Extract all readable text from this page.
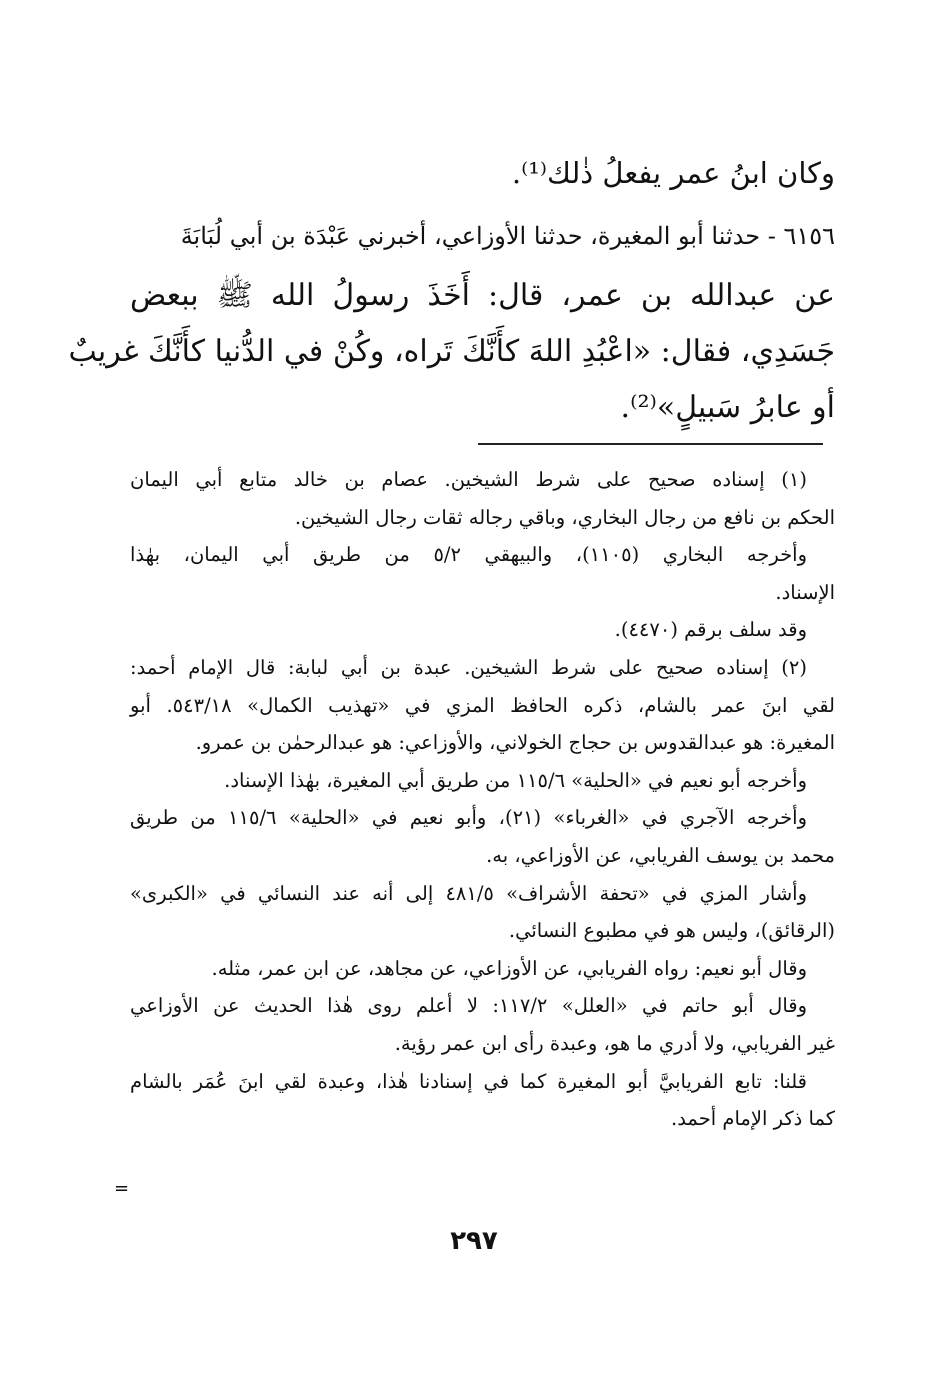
وكان ابنُ عمر يفعلُ ذٰلك⁽¹⁾.
٦١٥٦ - حدثنا أبو المغيرة، حدثنا الأوزاعي، أخبرني عَبْدَة بن أبي لُبَابَةَ
عن عبدالله بن عمر، قال: أَخَذَ رسولُ الله ﷺ ببعض
جَسَدِي، فقال: «اعْبُدِ اللهَ كأَنَّكَ تَراه، وكُنْ في الدُّنيا كأَنَّكَ غريبٌ
أو عابرُ سَبيلٍ»⁽²⁾.
(١) إسناده صحيح على شرط الشيخين. عصام بن خالد متابع أبي اليمان
الحكم بن نافع من رجال البخاري، وباقي رجاله ثقات رجال الشيخين.
وأخرجه البخاري (١١٠٥)، والبيهقي ٥/٢ من طريق أبي اليمان، بهٰذا
الإسناد.
وقد سلف برقم (٤٤٧٠).
(٢) إسناده صحيح على شرط الشيخين. عبدة بن أبي لبابة: قال الإمام أحمد:
لقي ابنَ عمر بالشام، ذكره الحافظ المزي في «تهذيب الكمال» ٥٤٣/١٨. أبو
المغيرة: هو عبدالقدوس بن حجاج الخولاني، والأوزاعي: هو عبدالرحمٰن بن عمرو.
وأخرجه أبو نعيم في «الحلية» ١١٥/٦ من طريق أبي المغيرة، بهٰذا الإسناد.
وأخرجه الآجري في «الغرباء» (٢١)، وأبو نعيم في «الحلية» ١١٥/٦ من طريق
محمد بن يوسف الفريابي، عن الأوزاعي، به.
وأشار المزي في «تحفة الأشراف» ٤٨١/٥ إلى أنه عند النسائي في «الكبرى»
(الرقائق)، وليس هو في مطبوع النسائي.
وقال أبو نعيم: رواه الفريابي، عن الأوزاعي، عن مجاهد، عن ابن عمر، مثله.
وقال أبو حاتم في «العلل» ١١٧/٢: لا أعلم روى هٰذا الحديث عن الأوزاعي
غير الفريابي، ولا أدري ما هو، وعبدة رأى ابن عمر رؤية.
قلنا: تابع الفريابيَّ أبو المغيرة كما في إسنادنا هٰذا، وعبدة لقي ابنَ عُمَر بالشام
كما ذكر الإمام أحمد.
=
٢٩٧
